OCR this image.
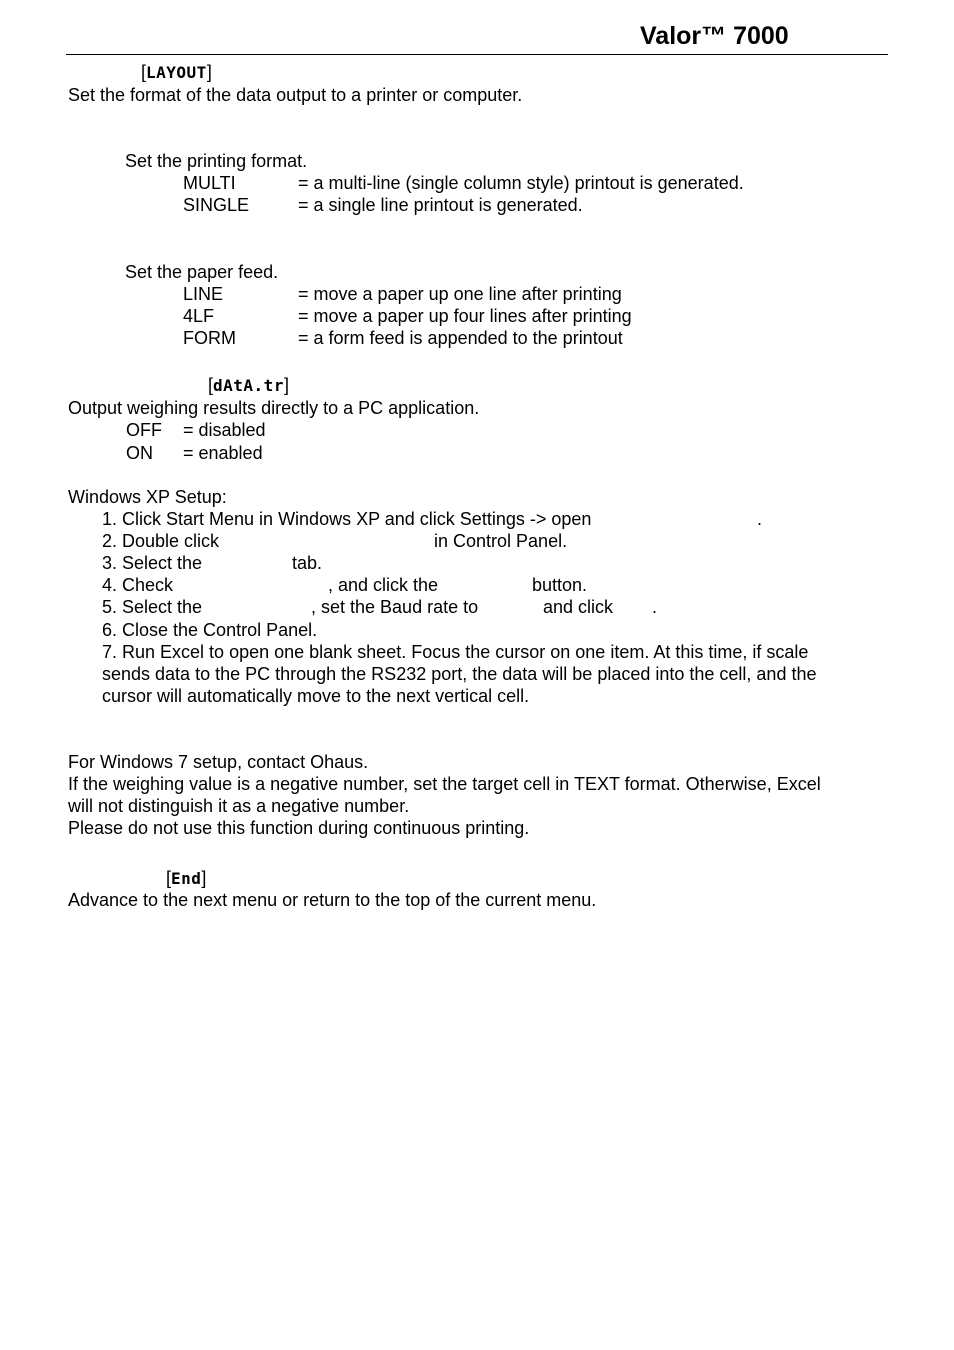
Valor™ 7000
[LAYOUT]
Set the format of the data output to a printer or computer.
Set the printing format.
MULTI	= a multi-line (single column style) printout is generated.
SINGLE	= a single line printout is generated.
Set the paper feed.
LINE	= move a paper up one line after printing
4LF	= move a paper up four lines after printing
FORM	= a form feed is appended to the printout
[dAtA.tr]
Output weighing results directly to a PC application.
OFF = disabled
ON = enabled
Windows XP Setup:
1. Click Start Menu in Windows XP and click Settings -> open	.
2. Double click	in Control Panel.
3. Select the	tab.
4. Check	, and click the	button.
5. Select the	, set the Baud rate to	and click .
6. Close the Control Panel.
7. Run Excel to open one blank sheet. Focus the cursor on one item. At this time, if scale
sends data to the PC through the RS232 port, the data will be placed into the cell, and the
cursor will automatically move to the next vertical cell.
For Windows 7 setup, contact Ohaus.
If the weighing value is a negative number, set the target cell in TEXT format. Otherwise, Excel
will not distinguish it as a negative number.
Please do not use this function during continuous printing.
[End]
Advance to the next menu or return to the top of the current menu.
